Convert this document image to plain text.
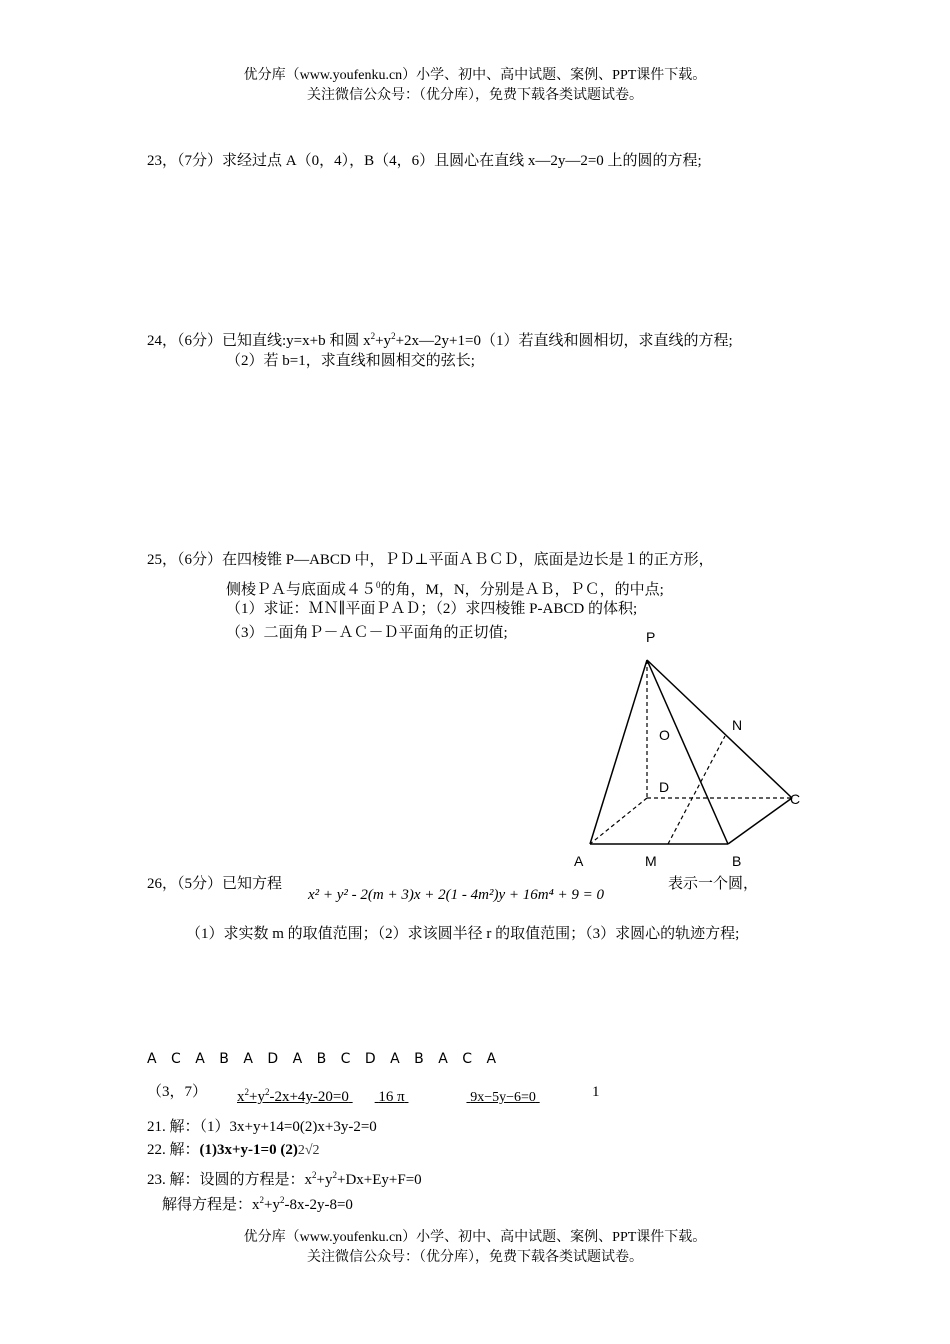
优分库（www.youfenku.cn）小学、初中、高中试题、案例、PPT课件下载。
关注微信公众号：（优分库），免费下载各类试题试卷。
23，（7分）求经过点 A（0，4），B（4，6）且圆心在直线 x—2y—2=0 上的圆的方程;
24，（6分）已知直线:y=x+b 和圆 $x^2+y^2+2x—2y+1=0(1)$若直线和圆相切，求直线的方程;
（2）若 b=1，求直线和圆相交的弦长;
25，（6分）在四棱锥 P—ABCD 中，ＰＤ⊥平面ＡＢＣＤ，底面是边长是１的正方形，
侧棱ＰＡ与底面成$45^0$的角，M，N，分别是ＡＢ，ＰＣ，的中点;
（1）求证：ＭＮ∥平面ＰＡＤ；（2）求四棱锥 P-ABCD 的体积;
（3）二面角Ｐ－ＡＣ－Ｄ平面角的正切值;	P
O
N
D
C
A	M	B
26，（5分）已知方程
x² + y² - 2(m + 3)x + 2(1 - 4m²)y + 16m⁴ + 9 = 0
表示一个圆，
（1）求实数 m 的取值范围；（2）求该圆半径 r 的取值范围；（3）求圆心的轨迹方程;
A C A B A D A B C D A B A C A
（3，7） $x^2+y^2-2x+4y-20=0$ 16 π	9x−5y−6=0	1
21. 解：（1）3x+y+14=0(2)x+3y-2=0
22. 解：(1)3x+y-1=0 (2)2√2
23. 解：设圆的方程是：$x^2+y^2+Dx+Ey+F=0$
解得方程是：$x^2+y^2-8x-2y-8=0$
优分库（www.youfenku.cn）小学、初中、高中试题、案例、PPT课件下载。
关注微信公众号：（优分库），免费下载各类试题试卷。
